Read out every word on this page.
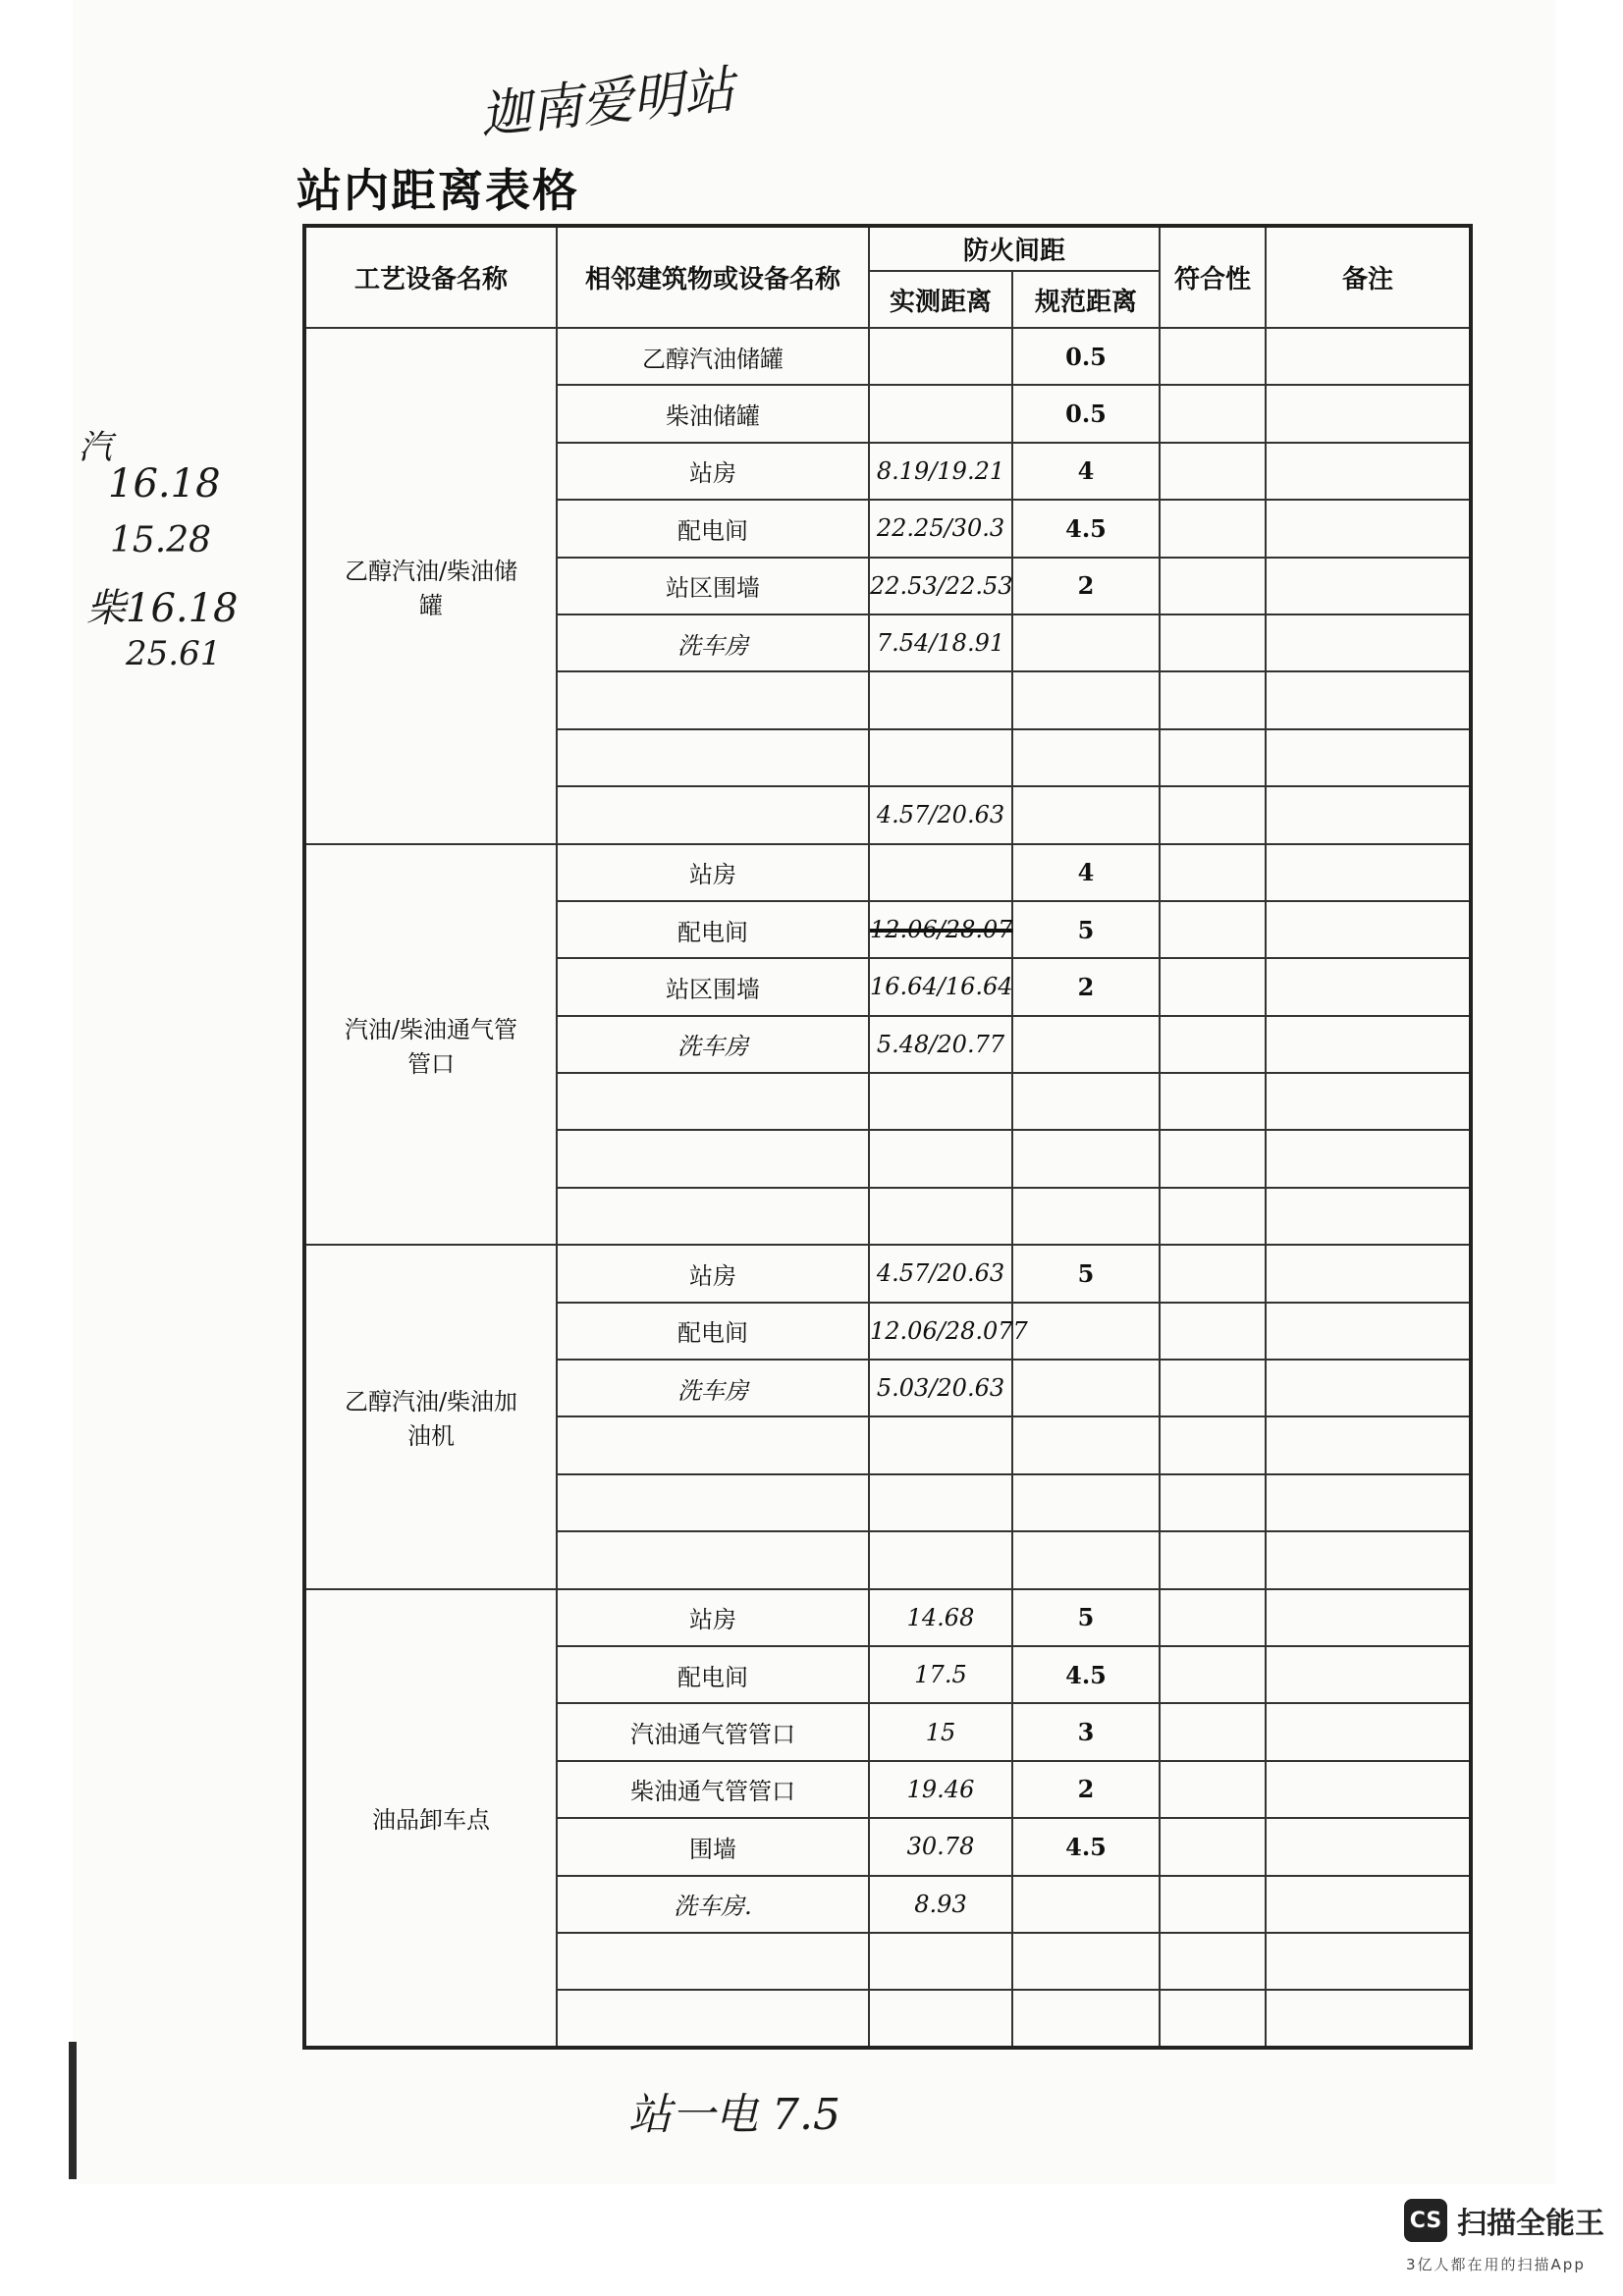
迦南爱明站
站内距离表格
汽
16.18
15.28
柴16.18
25.61
工艺设备名称	相邻建筑物或设备名称	防火间距		符合性	备注
		实测距离	规范距离		
乙醇汽油/柴油储罐	乙醇汽油储罐		0.5		
	柴油储罐		0.5		
	站房	8.19/19.21	4		
	配电间	22.25/30.3	4.5		
	站区围墙	22.53/22.53	2		
	洗车房	7.54/18.91			

		4.57/20.63			
汽油/柴油通气管管口	站房		4		
	配电间	12.06/28.07	5		
	站区围墙	16.64/16.64	2		
	洗车房	5.48/20.77			

乙醇汽油/柴油加油机	站房	4.57/20.63	5		
	配电间	12.06/28.077			
	洗车房	5.03/20.63			

油品卸车点	站房	14.68	5		
	配电间	17.5	4.5		
	汽油通气管管口	15	3		
	柴油通气管管口	19.46	2		
	围墙	30.78	4.5		
	洗车房.	8.93			

站一电 7.5
CS 扫描全能王
3亿人都在用的扫描App
